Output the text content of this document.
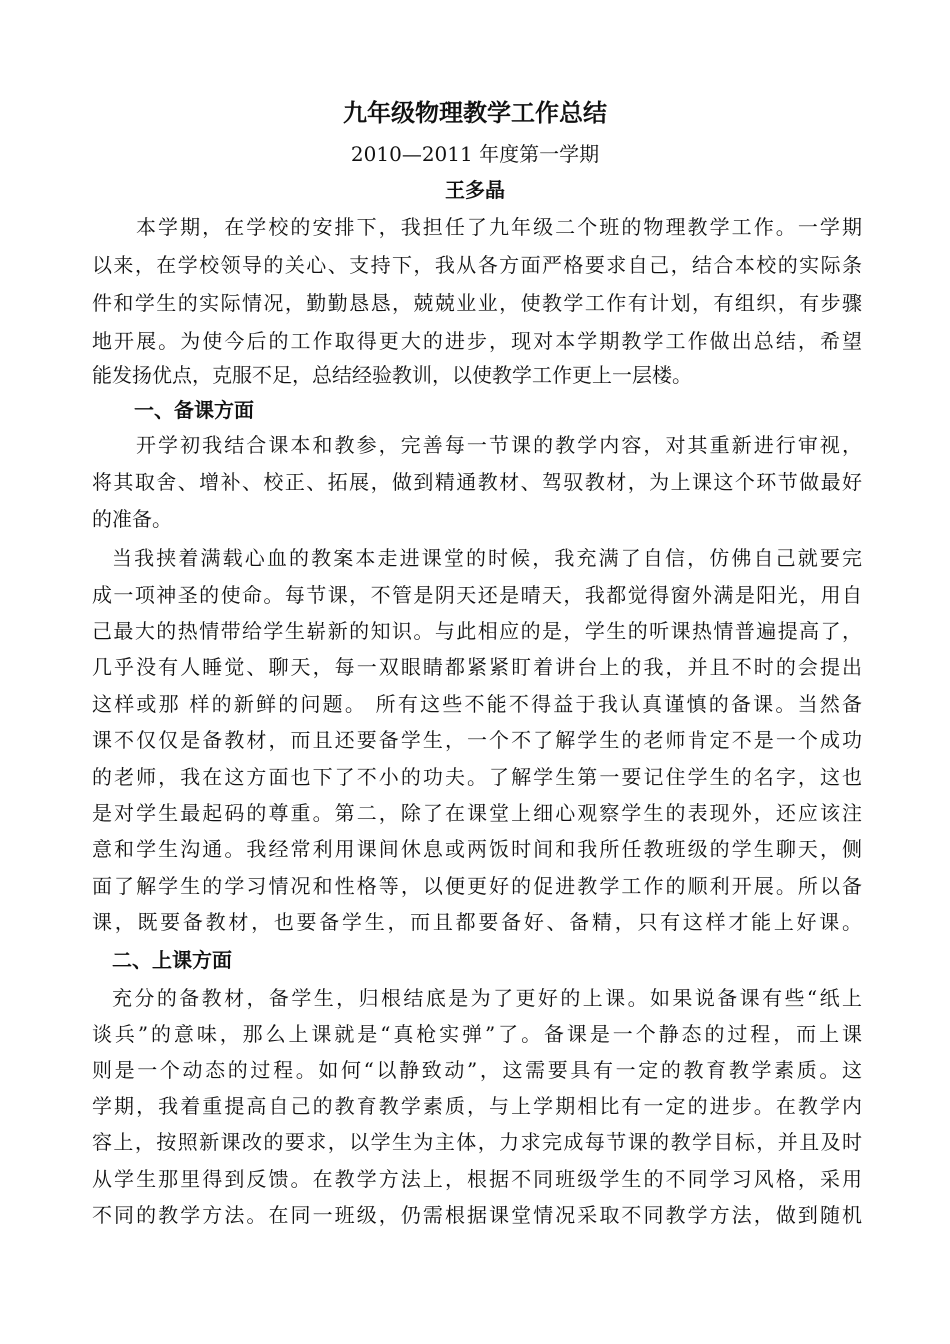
九年级物理教学工作总结
2010—2011 年度第一学期
王多晶
本学期，在学校的安排下，我担任了九年级二个班的物理教学工作。一学期
以来，在学校领导的关心、支持下，我从各方面严格要求自己，结合本校的实际条
件和学生的实际情况，勤勤恳恳，兢兢业业，使教学工作有计划，有组织，有步骤
地开展。为使今后的工作取得更大的进步，现对本学期教学工作做出总结，希望
能发扬优点，克服不足，总结经验教训，以使教学工作更上一层楼。
一、备课方面
开学初我结合课本和教参，完善每一节课的教学内容，对其重新进行审视，
将其取舍、增补、校正、拓展，做到精通教材、驾驭教材，为上课这个环节做最好
的准备。
当我挟着满载心血的教案本走进课堂的时候，我充满了自信，仿佛自己就要完
成一项神圣的使命。每节课，不管是阴天还是晴天，我都觉得窗外满是阳光，用自
己最大的热情带给学生崭新的知识。与此相应的是，学生的听课热情普遍提高了，
几乎没有人睡觉、聊天，每一双眼睛都紧紧盯着讲台上的我，并且不时的会提出
这样或那 样的新鲜的问题。 所有这些不能不得益于我认真谨慎的备课。当然备
课不仅仅是备教材，而且还要备学生，一个不了解学生的老师肯定不是一个成功
的老师，我在这方面也下了不小的功夫。了解学生第一要记住学生的名字，这也
是对学生最起码的尊重。第二，除了在课堂上细心观察学生的表现外，还应该注
意和学生沟通。我经常利用课间休息或两饭时间和我所任教班级的学生聊天，侧
面了解学生的学习情况和性格等，以便更好的促进教学工作的顺利开展。所以备
课，既要备教材，也要备学生，而且都要备好、备精，只有这样才能上好课。
二、上课方面
充分的备教材，备学生，归根结底是为了更好的上课。如果说备课有些“纸上
谈兵”的意味，那么上课就是“真枪实弹”了。备课是一个静态的过程，而上课
则是一个动态的过程。如何“以静致动”，这需要具有一定的教育教学素质。这
学期，我着重提高自己的教育教学素质，与上学期相比有一定的进步。在教学内
容上，按照新课改的要求，以学生为主体，力求完成每节课的教学目标，并且及时
从学生那里得到反馈。在教学方法上，根据不同班级学生的不同学习风格，采用
不同的教学方法。在同一班级，仍需根据课堂情况采取不同教学方法，做到随机
